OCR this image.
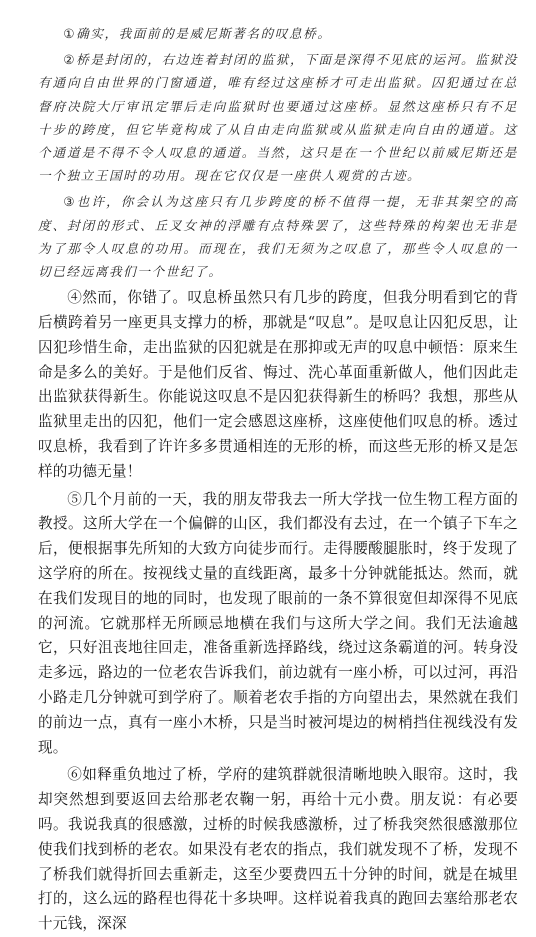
①确实，我面前的是威尼斯著名的叹息桥。

②桥是封闭的，右边连着封闭的监狱，下面是深得不见底的运河。监狱没有通向自由世界的门窗通道，唯有经过这座桥才可走出监狱。囚犯通过在总督府决院大厅审讯定罪后走向监狱时也要通过这座桥。显然这座桥只有不足十步的跨度，但它毕竟构成了从自由走向监狱或从监狱走向自由的通道。这个通道是不得不令人叹息的通道。当然，这只是在一个世纪以前威尼斯还是一个独立王国时的功用。现在它仅仅是一座供人观赏的古迹。

③也许，你会认为这座只有几步跨度的桥不值得一提，无非其架空的高度、封闭的形式、丘叉女神的浮雕有点特殊罢了，这些特殊的构架也无非是为了那令人叹息的功用。而现在，我们无须为之叹息了，那些令人叹息的一切已经远离我们一个世纪了。

④然而，你错了。叹息桥虽然只有几步的跨度，但我分明看到它的背后横跨着另一座更具支撑力的桥，那就是“叹息”。是叹息让囚犯反思，让囚犯珍惜生命，走出监狱的囚犯就是在那抑或无声的叹息中顿悟：原来生命是多么的美好。于是他们反省、悔过、洗心革面重新做人，他们因此走出监狱获得新生。你能说这叹息不是囚犯获得新生的桥吗？我想，那些从监狱里走出的囚犯，他们一定会感恩这座桥，这座使他们叹息的桥。透过叹息桥，我看到了许许多多贯通相连的无形的桥，而这些无形的桥又是怎样的功德无量！

⑤几个月前的一天，我的朋友带我去一所大学找一位生物工程方面的教授。这所大学在一个偏僻的山区，我们都没有去过，在一个镇子下车之后，便根据事先所知的大致方向徒步而行。走得腰酸腿胀时，终于发现了这学府的所在。按视线丈量的直线距离，最多十分钟就能抵达。然而，就在我们发现目的地的同时，也发现了眼前的一条不算很宽但却深得不见底的河流。它就那样无所顾忌地横在我们与这所大学之间。我们无法逾越它，只好沮丧地往回走，准备重新选择路线，绕过这条霸道的河。转身没走多远，路边的一位老农告诉我们，前边就有一座小桥，可以过河，再沿小路走几分钟就可到学府了。顺着老农手指的方向望出去，果然就在我们的前边一点，真有一座小木桥，只是当时被河堤边的树梢挡住视线没有发现。

⑥如释重负地过了桥，学府的建筑群就很清晰地映入眼帘。这时，我却突然想到要返回去给那老农鞠一躬，再给十元小费。朋友说：有必要吗。我说我真的很感激，过桥的时候我感激桥，过了桥我突然很感激那位使我们找到桥的老农。如果没有老农的指点，我们就发现不了桥，发现不了桥我们就得折回去重新走，这至少要费四五十分钟的时间，就是在城里打的，这么远的路程也得花十多块呷。这样说着我真的跑回去塞给那老农十元钱，深深
